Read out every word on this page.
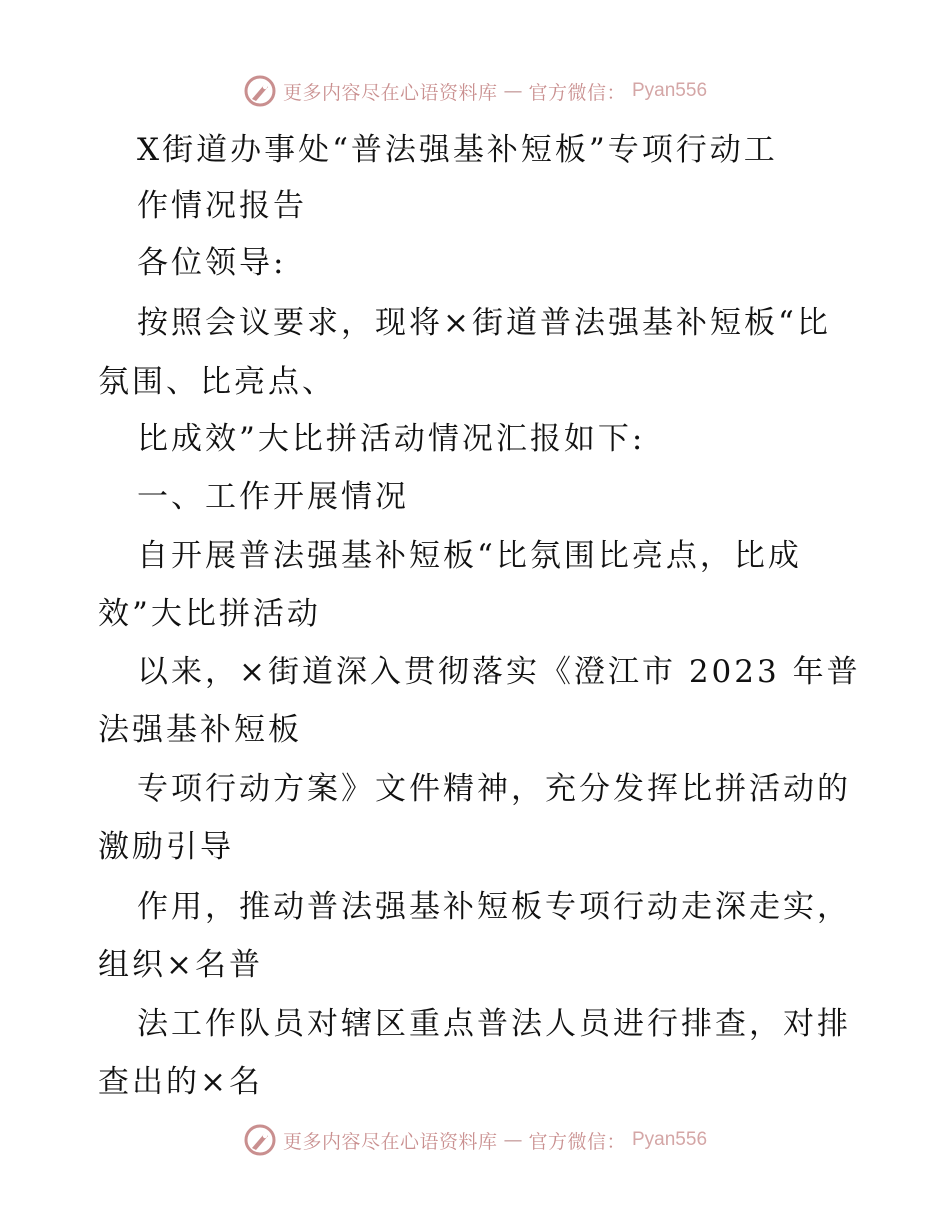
更多内容尽在心语资料库 — 官方微信： Pyan556
X街道办事处“普法强基补短板”专项行动工
作情况报告
各位领导:
按照会议要求，现将×街道普法强基补短板“比
氛围、比亮点、
比成效”大比拼活动情况汇报如下:
一、工作开展情况
自开展普法强基补短板“比氛围比亮点，比成
效”大比拼活动
以来，×街道深入贯彻落实《澄江市 2023 年普
法强基补短板
专项行动方案》文件精神，充分发挥比拼活动的
激励引导
作用，推动普法强基补短板专项行动走深走实，
组织×名普
法工作队员对辖区重点普法人员进行排查，对排
查出的×名
更多内容尽在心语资料库 — 官方微信： Pyan556
